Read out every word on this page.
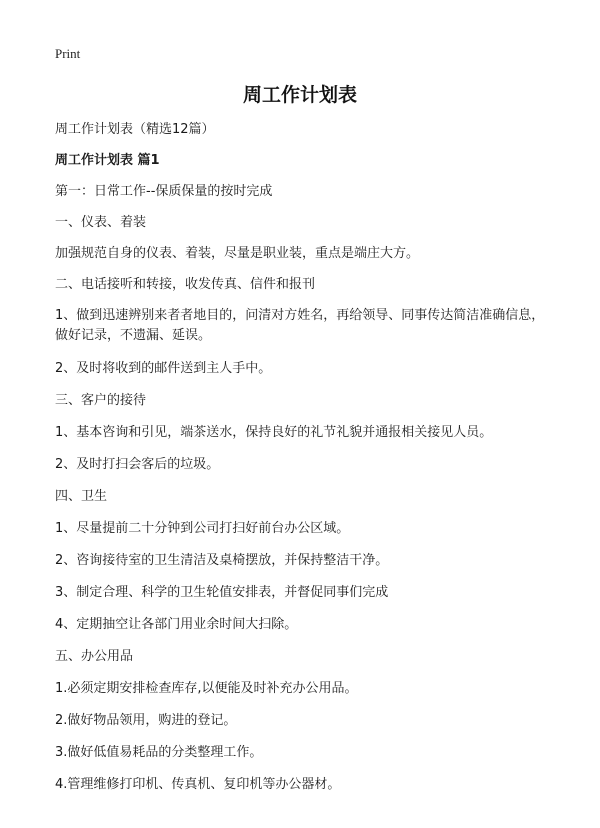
Print
周工作计划表

周工作计划表（精选12篇）

周工作计划表 篇1

第一：日常工作--保质保量的按时完成

一、仪表、着装

加强规范自身的仪表、着装，尽量是职业装，重点是端庄大方。

二、电话接听和转接，收发传真、信件和报刊

1、做到迅速辨别来者者地目的，问清对方姓名，再给领导、同事传达简洁准确信息，做好记录，不遗漏、延误。

2、及时将收到的邮件送到主人手中。

三、客户的接待

1、基本咨询和引见，端茶送水，保持良好的礼节礼貌并通报相关接见人员。

2、及时打扫会客后的垃圾。

四、卫生

1、尽量提前二十分钟到公司打扫好前台办公区域。

2、咨询接待室的卫生清洁及桌椅摆放，并保持整洁干净。

3、制定合理、科学的卫生轮值安排表，并督促同事们完成

4、定期抽空让各部门用业余时间大扫除。

五、办公用品

1.必须定期安排检查库存,以便能及时补充办公用品。

2.做好物品领用，购进的登记。

3.做好低值易耗品的分类整理工作。

4.管理维修打印机、传真机、复印机等办公器材。
